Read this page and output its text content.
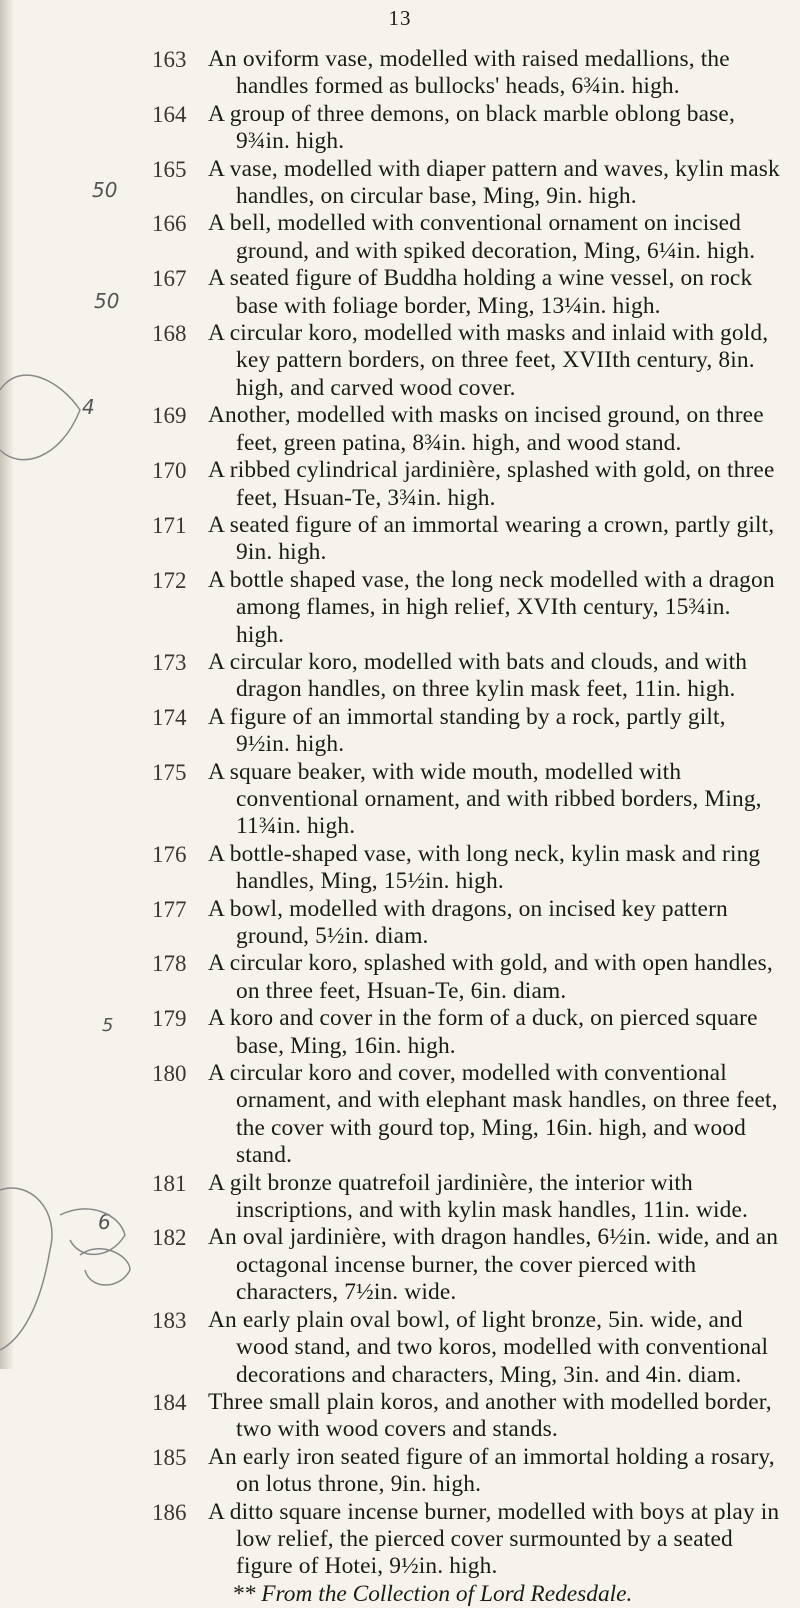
50
50
4
5
6
13
163 An oviform vase, modelled with raised medallions, the handles formed as bullocks' heads, 6¾in. high.
164 A group of three demons, on black marble oblong base, 9¾in. high.
165 A vase, modelled with diaper pattern and waves, kylin mask handles, on circular base, Ming, 9in. high.
166 A bell, modelled with conventional ornament on incised ground, and with spiked decoration, Ming, 6¼in. high.
167 A seated figure of Buddha holding a wine vessel, on rock base with foliage border, Ming, 13¼in. high.
168 A circular koro, modelled with masks and inlaid with gold, key pattern borders, on three feet, XVIIth century, 8in. high, and carved wood cover.
169 Another, modelled with masks on incised ground, on three feet, green patina, 8¾in. high, and wood stand.
170 A ribbed cylindrical jardinière, splashed with gold, on three feet, Hsuan-Te, 3¾in. high.
171 A seated figure of an immortal wearing a crown, partly gilt, 9in. high.
172 A bottle shaped vase, the long neck modelled with a dragon among flames, in high relief, XVIth century, 15¾in. high.
173 A circular koro, modelled with bats and clouds, and with dragon handles, on three kylin mask feet, 11in. high.
174 A figure of an immortal standing by a rock, partly gilt, 9½in. high.
175 A square beaker, with wide mouth, modelled with conventional ornament, and with ribbed borders, Ming, 11¾in. high.
176 A bottle-shaped vase, with long neck, kylin mask and ring handles, Ming, 15½in. high.
177 A bowl, modelled with dragons, on incised key pattern ground, 5½in. diam.
178 A circular koro, splashed with gold, and with open handles, on three feet, Hsuan-Te, 6in. diam.
179 A koro and cover in the form of a duck, on pierced square base, Ming, 16in. high.
180 A circular koro and cover, modelled with conventional ornament, and with elephant mask handles, on three feet, the cover with gourd top, Ming, 16in. high, and wood stand.
181 A gilt bronze quatrefoil jardinière, the interior with inscriptions, and with kylin mask handles, 11in. wide.
182 An oval jardinière, with dragon handles, 6½in. wide, and an octagonal incense burner, the cover pierced with characters, 7½in. wide.
183 An early plain oval bowl, of light bronze, 5in. wide, and wood stand, and two koros, modelled with conventional decorations and characters, Ming, 3in. and 4in. diam.
184 Three small plain koros, and another with modelled border, two with wood covers and stands.
185 An early iron seated figure of an immortal holding a rosary, on lotus throne, 9in. high.
186 A ditto square incense burner, modelled with boys at play in low relief, the pierced cover surmounted by a seated figure of Hotei, 9½in. high.
** From the Collection of Lord Redesdale.
